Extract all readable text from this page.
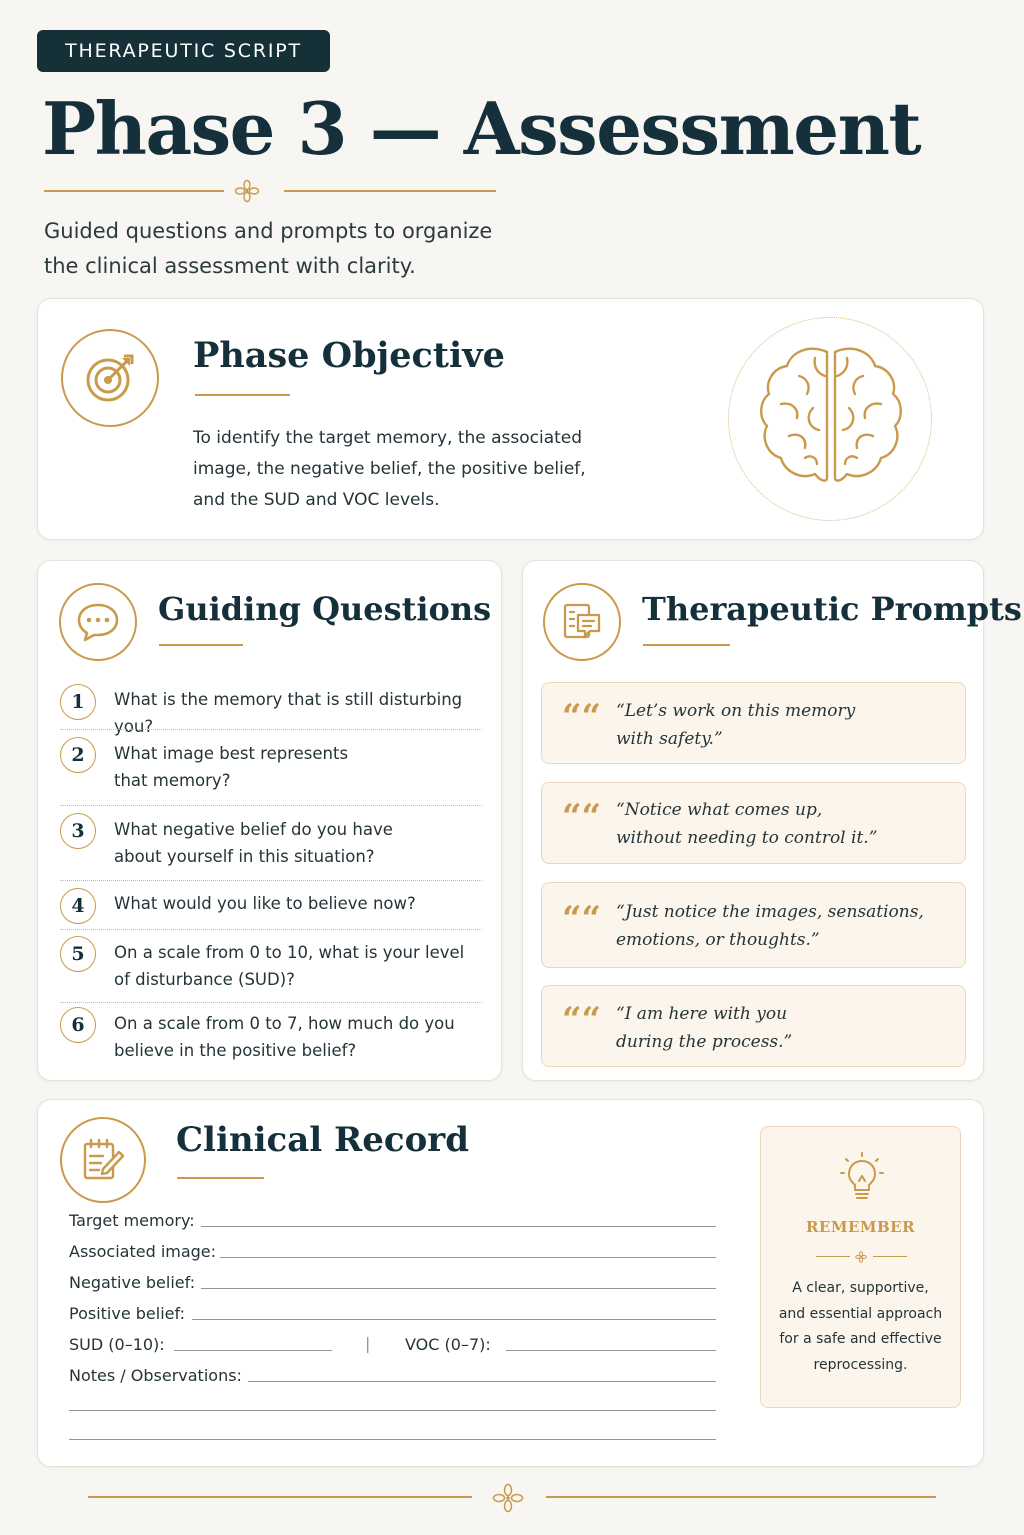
THERAPEUTIC SCRIPT
Phase 3 — Assessment
Guided questions and prompts to organize
the clinical assessment with clarity.
Phase Objective
To identify the target memory, the associated
image, the negative belief, the positive belief,
and the SUD and VOC levels.
Guiding Questions
1	What is the memory that is still disturbing you?
2	What image best represents
that memory?
3	What negative belief do you have
about yourself in this situation?
4	What would you like to believe now?
5	On a scale from 0 to 10, what is your level
of disturbance (SUD)?
6	On a scale from 0 to 7, how much do you
believe in the positive belief?
Therapeutic Prompts
““ “Let’s work on this memory
with safety.”
““ “Notice what comes up,
without needing to control it.”
““ “Just notice the images, sensations,
emotions, or thoughts.”
““ “I am here with you
during the process.”
Clinical Record
Target memory:
Associated image:
Negative belief:
Positive belief:
SUD (0–10):	| VOC (0–7):
Notes / Observations:
REMEMBER
A clear, supportive,
and essential approach
for a safe and effective
reprocessing.
